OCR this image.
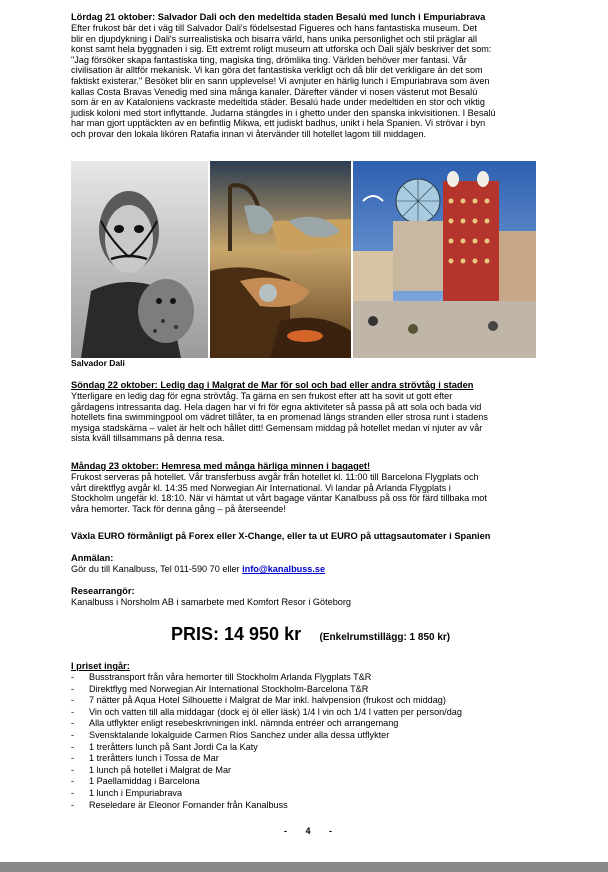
Lördag 21 oktober: Salvador Dali och den medeltida staden Besalú med lunch i Empuriabrava

Efter frukost bär det i väg till Salvador Dali's födelsestad Figueres och hans fantastiska museum. Det
blir en djupdykning i Dali's surrealistiska och bisarra värld, hans unika personlighet och stil präglar all
konst samt hela byggnaden i sig. Ett extremt roligt museum att utforska och Dali själv beskriver det som:
"Jag försöker skapa fantastiska ting, magiska ting, drömlika ting. Världen behöver mer fantasi. Vår
civilisation är alltför mekanisk. Vi kan göra det fantastiska verkligt och då blir det verkligare än det som
faktiskt existerar." Besöket blir en sann upplevelse! Vi avnjuter en härlig lunch i Empuriabrava som även
kallas Costa Bravas Venedig med sina många kanaler. Därefter vänder vi nosen västerut mot Besalú
som är en av Kataloniens vackraste medeltida städer. Besalú hade under medeltiden en stor och viktig
judisk koloni med stort inflyttande. Judarna stängdes in i ghetto under den spanska inkvisitionen. I Besalú
har man gjort upptäckten av en befintlig Mikwa, ett judiskt badhus, unikt i hela Spanien. Vi strövar i byn
och provar den lokala likören Ratafia innan vi återvänder till hotellet lagom till middagen.
Salvador Dali

Söndag 22 oktober: Ledig dag i Malgrat de Mar för sol och bad eller andra strövtåg i staden

Ytterligare en ledig dag för egna strövtåg. Ta gärna en sen frukost efter att ha sovit ut gott efter
gårdagens intressanta dag. Hela dagen har vi fri för egna aktiviteter så passa på att sola och bada vid
hotellets fina swimmingpool om vädret tillåter, ta en promenad längs stranden eller strosa runt i stadens
mysiga stadskärna – valet är helt och hållet ditt! Gemensam middag på hotellet medan vi njuter av vår
sista kväll tillsammans på denna resa.

Måndag 23 oktober: Hemresa med många härliga minnen i bagaget!

Frukost serveras på hotellet. Vår transferbuss avgår från hotellet kl. 11:00 till Barcelona Flygplats och
vårt direktflyg avgår kl. 14:35 med Norwegian Air International. Vi landar på Arlanda Flygplats i
Stockholm ungefär kl. 18:10. När vi hämtat ut vårt bagage väntar Kanalbuss på oss för färd tillbaka mot
våra hemorter. Tack för denna gång – på återseende!

Växla EURO förmånligt på Forex eller X-Change, eller ta ut EURO på uttagsautomater i Spanien

Anmälan:

Gör du till Kanalbuss, Tel 011-590 70 eller info@kanalbuss.se

Researrangör:

Kanalbuss i Norsholm AB i samarbete med Komfort Resor i Göteborg

PRIS: 14 950 kr (Enkelrumstillägg: 1 850 kr)

I priset ingår:

- Busstransport från våra hemorter till Stockholm Arlanda Flygplats T&R
- Direktflyg med Norwegian Air International Stockholm-Barcelona T&R
- 7 nätter på Aqua Hotel Silhouette i Malgrat de Mar inkl. halvpension (frukost och middag)
- Vin och vatten till alla middagar (dock ej öl eller läsk) 1/4 l vin och 1/4 l vatten per person/dag
- Alla utflykter enligt resebeskrivningen inkl. nämnda entréer och arrangemang
- Svensktalande lokalguide Carmen Rios Sanchez under alla dessa utflykter
- 1 treråtters lunch på Sant Jordi Ca la Katy
- 1 treråtters lunch i Tossa de Mar
- 1 lunch på hotellet i Malgrat de Mar
- 1 Paellamiddag i Barcelona
- 1 lunch i Empuriabrava
- Reseledare är Eleonor Fornander från Kanalbuss
- 4 -
